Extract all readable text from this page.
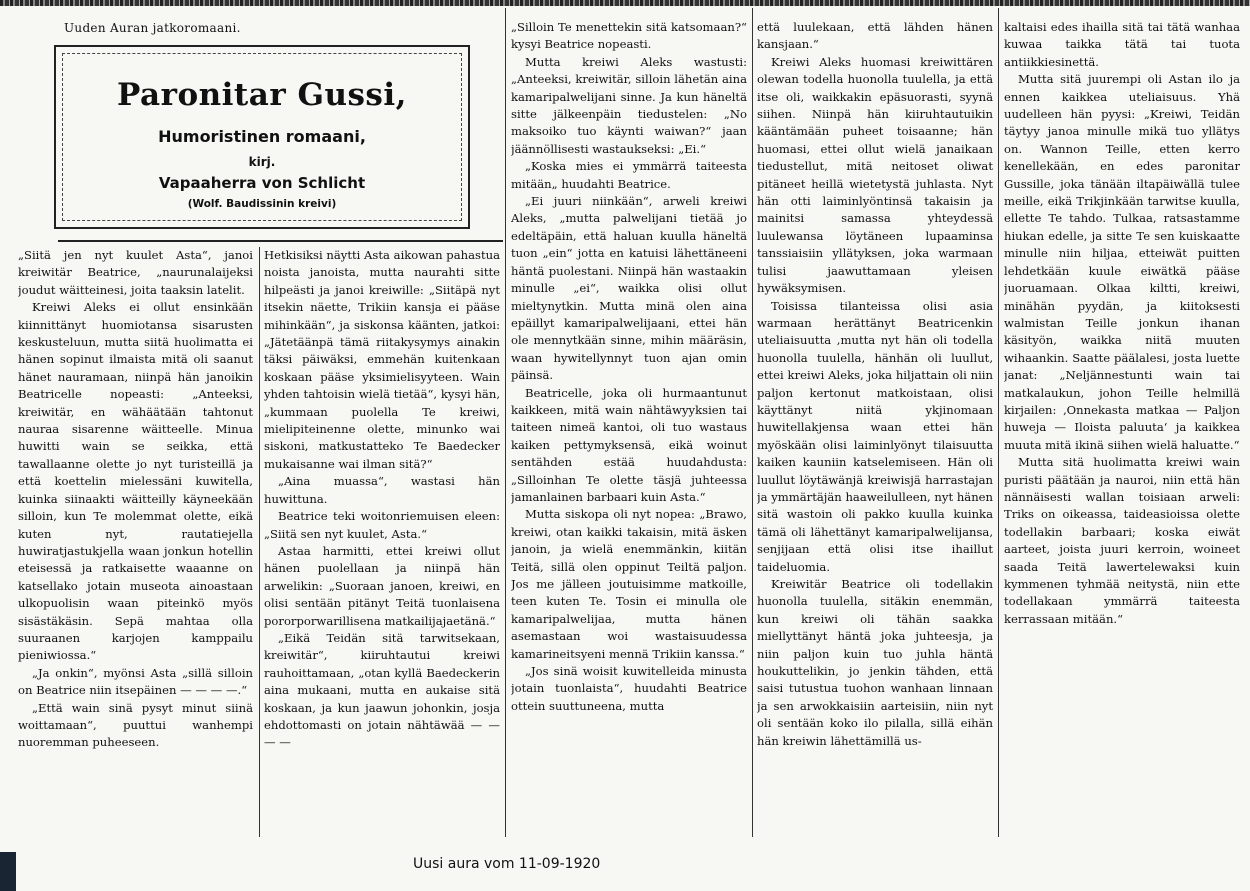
Uuden Auran jatkoromaani.
Paronitar Gussi,
Humoristinen romaani,
kirj.
Vapaaherra von Schlicht
(Wolf. Baudissinin kreivi)

„Siitä jen nyt kuulet Asta“, janoi kreiwitär Beatrice, „naurunalaijeksi joudut wäitteinesi, joita taaksin latelit.

Kreiwi Aleks ei ollut ensinkään kiinnittänyt huomiotansa sisarusten keskusteluun, mutta siitä huolimatta ei hänen sopinut ilmaista mitä oli saanut hänet nauramaan, niinpä hän janoikin Beatricelle nopeasti: „Anteeksi, kreiwitär, en wähäätään tahtonut nauraa sisarenne wäitteelle. Minua huwitti wain se seikka, että tawallaanne olette jo nyt turisteillä ja että koettelin mielessäni kuwitella, kuinka siinaakti wäitteilly käyneekään silloin, kun Te molemmat olette, eikä kuten nyt, rautatiejella huwiratjastukjella waan jonkun hotellin eteisessä ja ratkaisette waaanne on katsellako jotain museota ainoastaan ulkopuolisin waan piteinkö myös sisästäkäsin. Sepä mahtaa olla suuraanen karjojen kamppailu pieniwiossa.“

„Ja onkin“, myönsi Asta „sillä silloin on Beatrice niin itsepäinen — — — —.“

„Että wain sinä pysyt minut siinä woittamaan“, puuttui wanhempi nuoremman puheeseen.

Hetkisiksi näytti Asta aikowan pahastua noista janoista, mutta naurahti sitte hilpeästi ja janoi kreiwille: „Siitäpä nyt itsekin näette, Trikiin kansja ei pääse mihinkään“, ja siskonsa käänten, jatkoi: „Jätetäänpä tämä riitakysymys ainakin täksi päiwäksi, emmehän kuitenkaan koskaan pääse yksimielisyyteen. Wain yhden tahtoisin wielä tietää“, kysyi hän, „kummaan puolella Te kreiwi, mielipiteinenne olette, minunko wai siskoni, matkustatteko Te Baedecker mukaisanne wai ilman sitä?“

„Aina muassa“, wastasi hän huwittuna.

Beatrice teki woitonriemuisen eleen: „Siitä sen nyt kuulet, Asta.“

Astaa harmitti, ettei kreiwi ollut hänen puolellaan ja niinpä hän arwelikin: „Suoraan janoen, kreiwi, en olisi sentään pitänyt Teitä tuonlaisena pororporwarillisena matkailijajaetänä.“

„Eikä Teidän sitä tarwitsekaan, kreiwitär“, kiiruhtautui kreiwi rauhoittamaan, „otan kyllä Baedeckerin aina mukaani, mutta en aukaise sitä koskaan, ja kun jaawun johonkin, josja ehdottomasti on jotain nähtäwää — — — —

„Silloin Te menettekin sitä katsomaan?“ kysyi Beatrice nopeasti.

Mutta kreiwi Aleks wastusti: „Anteeksi, kreiwitär, silloin lähetän aina kamaripalwelijani sinne. Ja kun häneltä sitte jälkeenpäin tiedustelen: „No maksoiko tuo käynti waiwan?“ jaan jäännöllisesti wastaukseksi: „Ei.“

„Koska mies ei ymmärrä taiteesta mitään„ huudahti Beatrice.

„Ei juuri niinkään“, arweli kreiwi Aleks, „mutta palwelijani tietää jo edeltäpäin, että haluan kuulla häneltä tuon „ein“ jotta en katuisi lähettäneeni häntä puolestani. Niinpä hän wastaakin minulle „ei“, waikka olisi ollut mieltynytkin. Mutta minä olen aina epäillyt kamaripalwelijaani, ettei hän ole mennytkään sinne, mihin määräsin, waan hywitellynnyt tuon ajan omin päinsä.

Beatricelle, joka oli hurmaantunut kaikkeen, mitä wain nähtäwyyksien tai taiteen nimeä kantoi, oli tuo wastaus kaiken pettymyksensä, eikä woinut sentähden estää huudahdusta: „Silloinhan Te olette täsjä juhteessa jamanlainen barbaari kuin Asta.“

Mutta siskopa oli nyt nopea: „Brawo, kreiwi, otan kaikki takaisin, mitä äsken janoin, ja wielä enemmänkin, kiitän Teitä, sillä olen oppinut Teiltä paljon. Jos me jälleen joutuisimme matkoille, teen kuten Te. Tosin ei minulla ole kamaripalwelijaa, mutta hänen asemastaan woi wastaisuudessa kamarineitsyeni mennä Trikiin kanssa.“

„Jos sinä woisit kuwitelleida minusta jotain tuonlaista“, huudahti Beatrice ottein suuttuneena, mutta

että luulekaan, että lähden hänen kansjaan.“

Kreiwi Aleks huomasi kreiwittären olewan todella huonolla tuulella, ja että itse oli, waikkakin epäsuorasti, syynä siihen. Niinpä hän kiiruhtautuikin kääntämään puheet toisaanne; hän huomasi, ettei ollut wielä janaikaan tiedustellut, mitä neitoset oliwat pitäneet heillä wietetystä juhlasta. Nyt hän otti laiminlyöntinsä takaisin ja mainitsi samassa yhteydessä luulewansa löytäneen lupaaminsa tanssiaisiin yllätyksen, joka warmaan tulisi jaawuttamaan yleisen hywäksymisen.

Toisissa tilanteissa olisi asia warmaan herättänyt Beatricenkin uteliaisuutta ,mutta nyt hän oli todella huonolla tuulella, hänhän oli luullut, ettei kreiwi Aleks, joka hiljattain oli niin paljon kertonut matkoistaan, olisi käyttänyt niitä ykjinomaan huwitellakjensa waan ettei hän myöskään olisi laiminlyönyt tilaisuutta kaiken kauniin katselemiseen. Hän oli luullut löytäwänjä kreiwisjä harrastajan ja ymmärtäjän haaweilulleen, nyt hänen sitä wastoin oli pakko kuulla kuinka tämä oli lähettänyt kamaripalwelijansa, senjijaan että olisi itse ihaillut taideluomia.

Kreiwitär Beatrice oli todellakin huonolla tuulella, sitäkin enemmän, kun kreiwi oli tähän saakka miellyttänyt häntä joka juhteesja, ja niin paljon kuin tuo juhla häntä houkuttelikin, jo jenkin tähden, että saisi tutustua tuohon wanhaan linnaan ja sen arwokkaisiin aarteisiin, niin nyt oli sentään koko ilo pilalla, sillä eihän hän kreiwin lähettämillä us-

kaltaisi edes ihailla sitä tai tätä wanhaa kuwaa taikka tätä tai tuota antiikkiesinettä.

Mutta sitä juurempi oli Astan ilo ja ennen kaikkea uteliaisuus. Yhä uudelleen hän pyysi: „Kreiwi, Teidän täytyy janoa minulle mikä tuo yllätys on. Wannon Teille, etten kerro kenellekään, en edes paronitar Gussille, joka tänään iltapäiwällä tulee meille, eikä Trikjinkään tarwitse kuulla, ellette Te tahdo. Tulkaa, ratsastamme hiukan edelle, ja sitte Te sen kuiskaatte minulle niin hiljaa, etteiwät puitten lehdetkään kuule eiwätkä pääse juoruamaan. Olkaa kiltti, kreiwi, minähän pyydän, ja kiitoksesti walmistan Teille jonkun ihanan käsityön, waikka niitä muuten wihaankin. Saatte päälalesi, josta luette janat: „Neljännestunti wain tai matkalaukun, johon Teille helmillä kirjailen: ‚Onnekasta matkaa — Paljon huweja — Iloista paluuta‘ ja kaikkea muuta mitä ikinä siihen wielä haluatte.“

Mutta sitä huolimatta kreiwi wain puristi päätään ja nauroi, niin että hän nännäisesti wallan toisiaan arweli: Triks on oikeassa, taideasioissa olette todellakin barbaari; koska eiwät aarteet, joista juuri kerroin, woineet saada Teitä lawertelewaksi kuin kymmenen tyhmää neitystä, niin ette todellakaan ymmärrä taiteesta kerrassaan mitään.“

Uusi aura vom 11-09-1920
